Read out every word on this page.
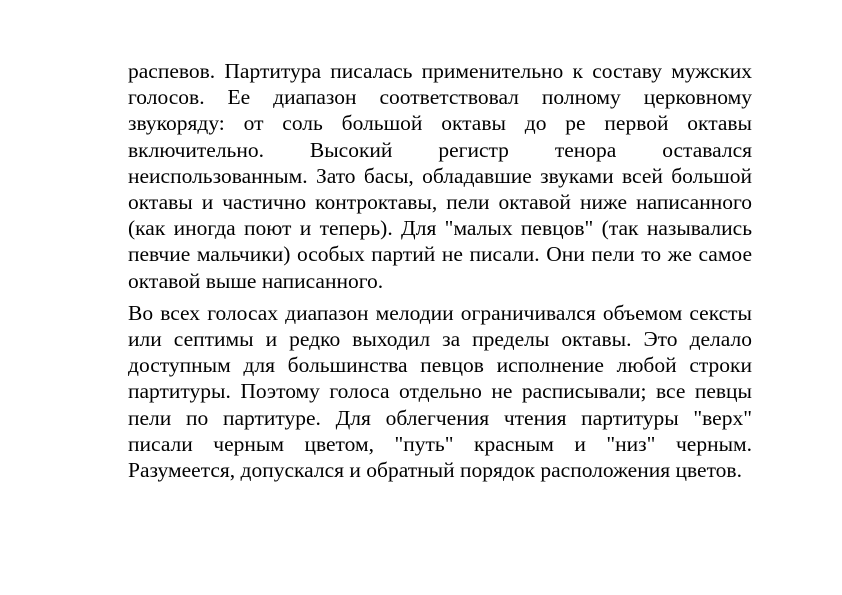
распевов. Партитура писалась применительно к составу мужских голосов. Ее диапазон соответствовал полному церковному звукоряду: от соль большой октавы до ре первой октавы включительно. Высокий регистр тенора оставался неиспользованным. Зато басы, обладавшие звуками всей большой октавы и частично контроктавы, пели октавой ниже написанного (как иногда поют и теперь). Для "малых певцов" (так назывались певчие мальчики) особых партий не писали. Они пели то же самое октавой выше написанного.

Во всех голосах диапазон мелодии ограничивался объемом сексты или септимы и редко выходил за пределы октавы. Это делало доступным для большинства певцов исполнение любой строки партитуры. Поэтому голоса отдельно не расписывали; все певцы пели по партитуре. Для облегчения чтения партитуры "верх" писали черным цветом, "путь" красным и "низ" черным. Разумеется, допускался и обратный порядок расположения цветов.
